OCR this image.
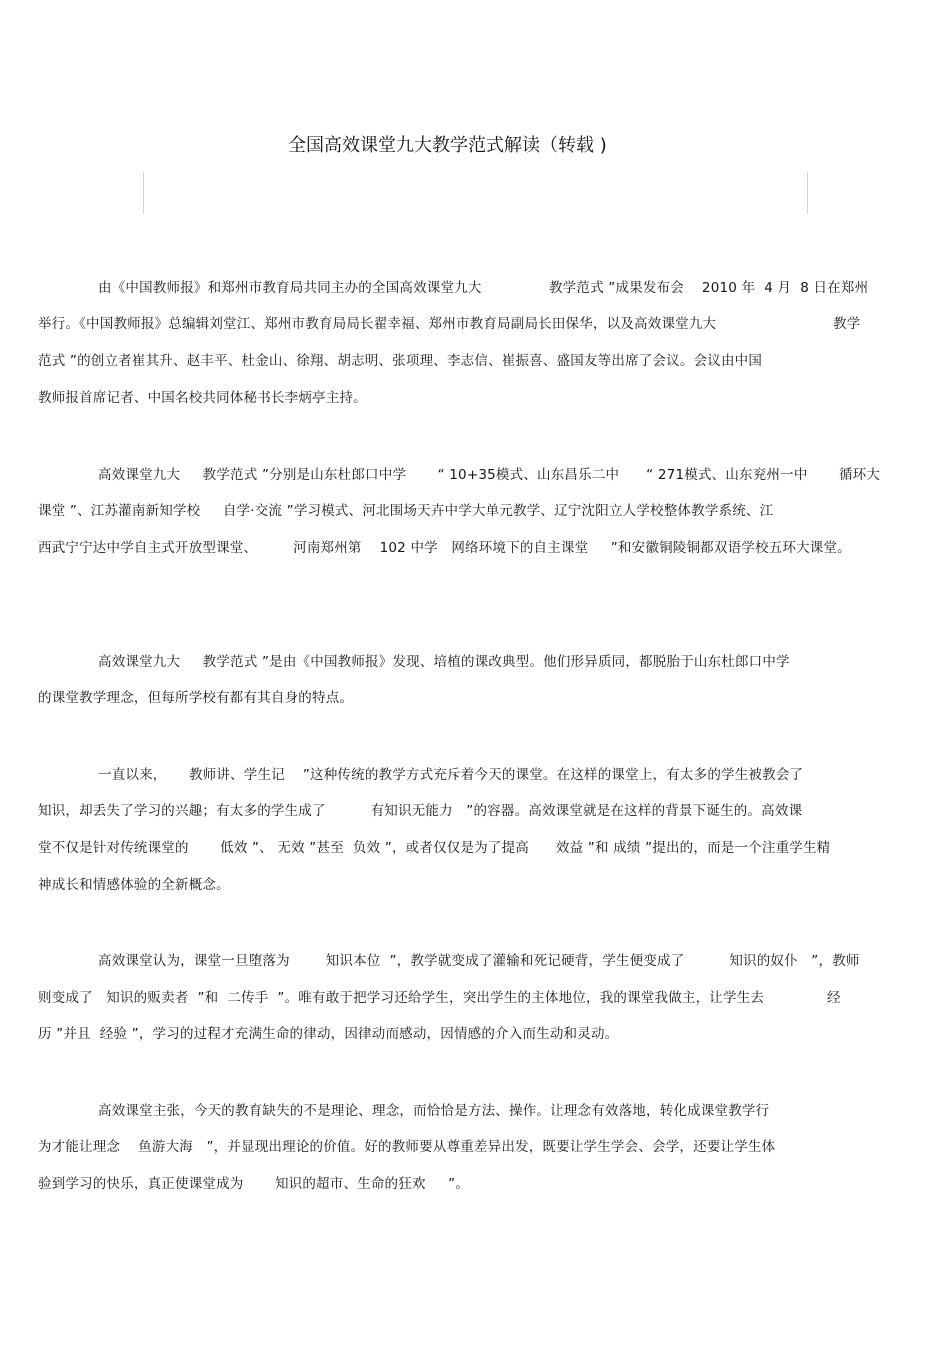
全国高效课堂九大教学范式解读（转载 )
由《中国教师报》和郑州市教育局共同主办的全国高效课堂九大               教学范式 ”成果发布会    2010 年  4 月  8 日在郑州
举行。《中国教师报》总编辑刘堂江、郑州市教育局局长翟幸福、郑州市教育局副局长田保华，以及高效课堂九大                          教学
范式 ”的创立者崔其升、赵丰平、杜金山、徐翔、胡志明、张项理、李志信、崔振喜、盛国友等出席了会议。会议由中国
教师报首席记者、中国名校共同体秘书长李炳亭主持。
高效课堂九大     教学范式 ”分别是山东杜郎口中学       “ 10+35模式、山东昌乐二中      “ 271模式、山东兖州一中       循环大
课堂 ”、江苏灌南新知学校     自学·交流 ”学习模式、河北围场天卉中学大单元教学、辽宁沈阳立人学校整体教学系统、江
西武宁宁达中学自主式开放型课堂、        河南郑州第    102 中学   网络环境下的自主课堂     ”和安徽铜陵铜都双语学校五环大课堂。
高效课堂九大     教学范式 ”是由《中国教师报》发现、培植的课改典型。他们形异质同，都脱胎于山东杜郎口中学
的课堂教学理念，但每所学校有都有其自身的特点。
一直以来，     教师讲、学生记    ”这种传统的教学方式充斥着今天的课堂。在这样的课堂上，有太多的学生被教会了
知识，却丢失了学习的兴趣；有太多的学生成了          有知识无能力   ”的容器。高效课堂就是在这样的背景下诞生的。高效课
堂不仅是针对传统课堂的       低效 ”、 无效 ”甚至  负效 ”，或者仅仅是为了提高      效益 ”和 成绩 ”提出的，而是一个注重学生精
神成长和情感体验的全新概念。
高效课堂认为，课堂一旦堕落为        知识本位  ”，教学就变成了灌输和死记硬背，学生便变成了          知识的奴仆   ”，教师
则变成了   知识的贩卖者  ”和  二传手  ”。唯有敢于把学习还给学生，突出学生的主体地位，我的课堂我做主，让学生去              经
历 ”并且  经验 ”，学习的过程才充满生命的律动，因律动而感动，因情感的介入而生动和灵动。
高效课堂主张，今天的教育缺失的不是理论、理念，而恰恰是方法、操作。让理念有效落地，转化成课堂教学行
为才能让理念    鱼游大海   ”，并显现出理论的价值。好的教师要从尊重差异出发，既要让学生学会、会学，还要让学生体
验到学习的快乐，真正使课堂成为       知识的超市、生命的狂欢     ”。
